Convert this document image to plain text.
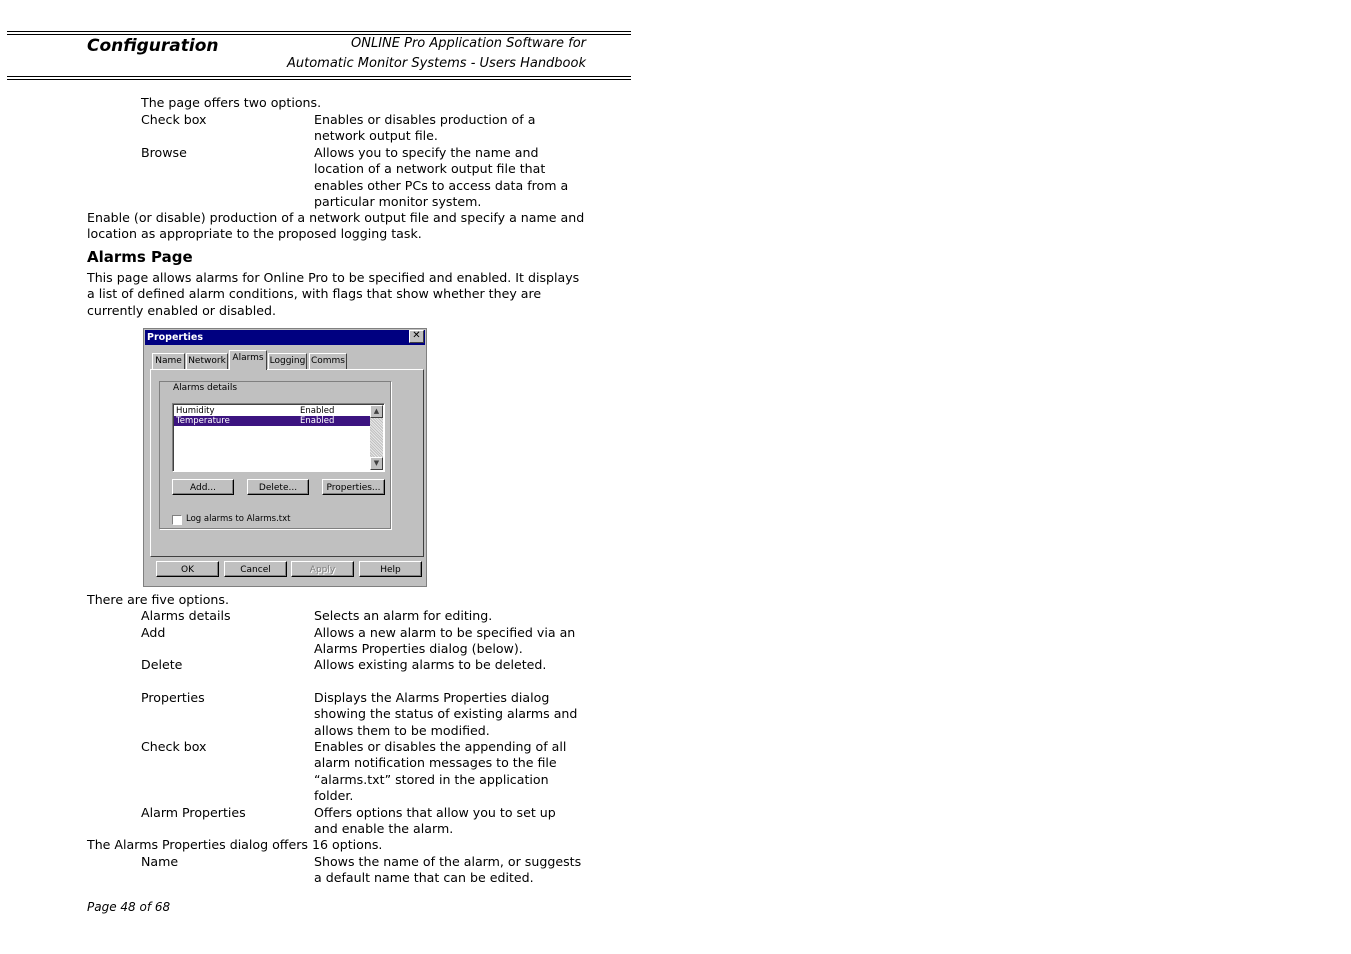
Configuration	ONLINE Pro Application Software for
Automatic Monitor Systems - Users Handbook
The page offers two options.
Check box	Enables or disables production of a
network output file.
Browse	Allows you to specify the name and
location of a network output file that
enables other PCs to access data from a
particular monitor system.
Enable (or disable) production of a network output file and specify a name and
location as appropriate to the proposed logging task.
Alarms Page
This page allows alarms for Online Pro to be specified and enabled. It displays
a list of defined alarm conditions, with flags that show whether they are
currently enabled or disabled.
Properties	✕
Name Network Alarms Logging Comms
Alarms details
Humidity	Enabled
Temperature	Enabled
▲
▼
Add...	Delete...	Properties...
Log alarms to Alarms.txt
OK	Cancel	Apply	Help
There are five options.
Alarms details	Selects an alarm for editing.
Add	Allows a new alarm to be specified via an
Alarms Properties dialog (below).
Delete	Allows existing alarms to be deleted.
Properties	Displays the Alarms Properties dialog
showing the status of existing alarms and
allows them to be modified.
Check box	Enables or disables the appending of all
alarm notification messages to the file
“alarms.txt” stored in the application
folder.
Alarm Properties	Offers options that allow you to set up
and enable the alarm.
The Alarms Properties dialog offers 16 options.
Name	Shows the name of the alarm, or suggests
a default name that can be edited.
Page 48 of 68
